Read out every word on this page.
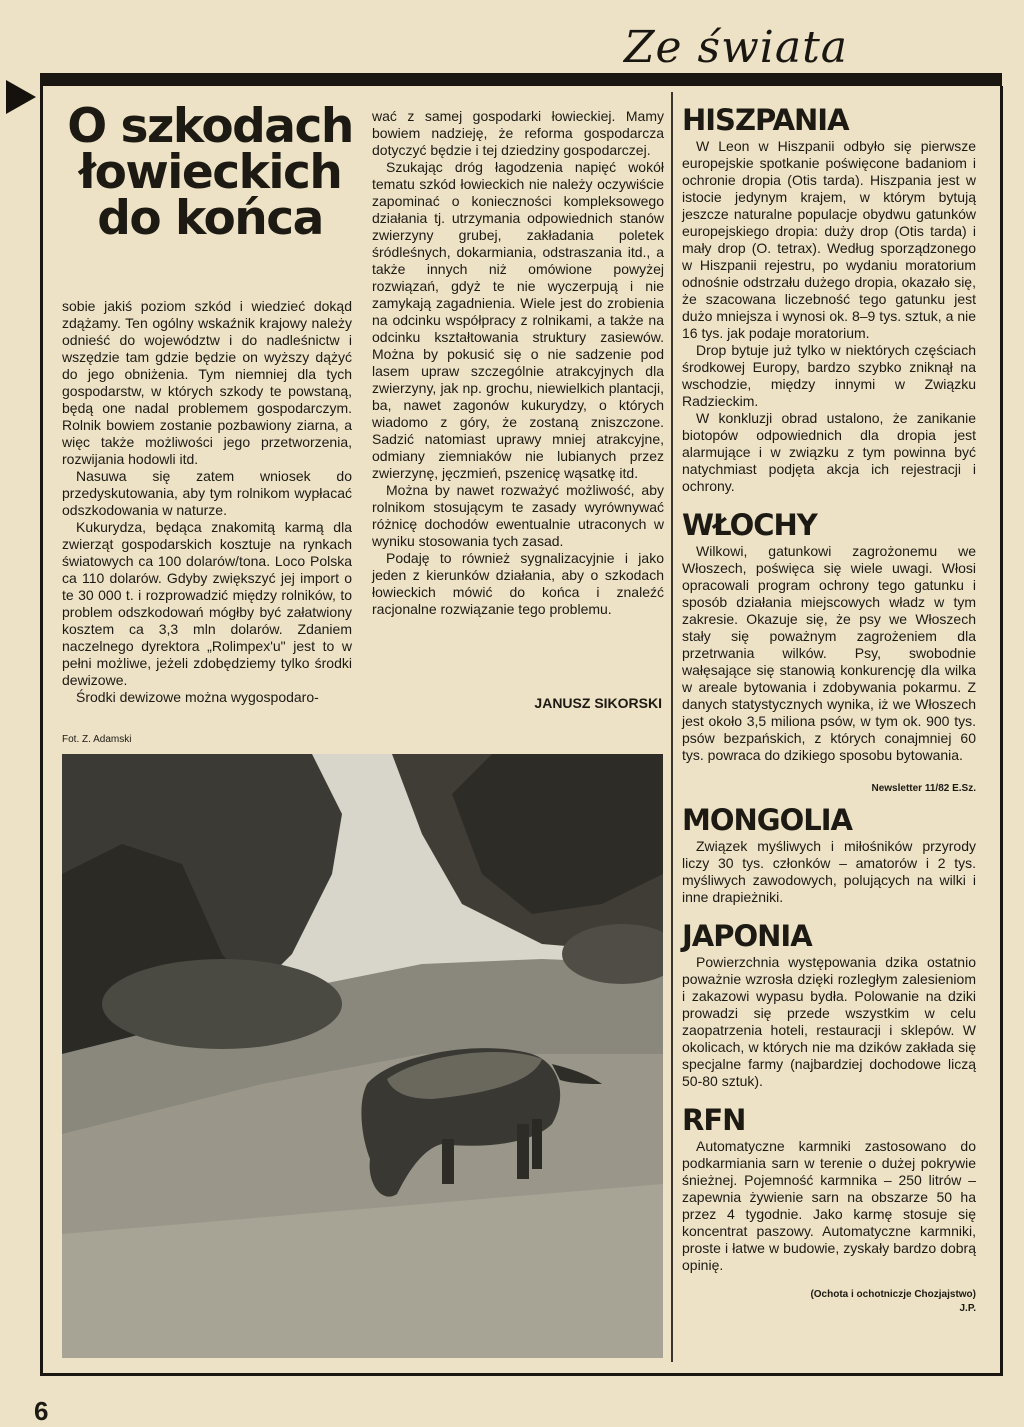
Ze świata
O szkodach
łowieckich
do końca
sobie jakiś poziom szkód i wiedzieć dokąd zdążamy. Ten ogólny wskaźnik krajowy należy odnieść do województw i do nadleśnictw i wszędzie tam gdzie będzie on wyższy dążyć do jego obniżenia. Tym niemniej dla tych gospodarstw, w których szkody te powstaną, będą one nadal problemem gospodarczym. Rolnik bowiem zostanie pozbawiony ziarna, a więc także możliwości jego przetworzenia, rozwijania hodowli itd.

Nasuwa się zatem wniosek do przedyskutowania, aby tym rolnikom wypłacać odszkodowania w naturze.

Kukurydza, będąca znakomitą karmą dla zwierząt gospodarskich kosztuje na rynkach światowych ca 100 dolarów/tona. Loco Polska ca 110 dolarów. Gdyby zwiększyć jej import o te 30 000 t. i rozprowadzić między rolników, to problem odszkodowań mógłby być załatwiony kosztem ca 3,3 mln dolarów. Zdaniem naczelnego dyrektora „Rolimpex'u" jest to w pełni możliwe, jeżeli zdobędziemy tylko środki dewizowe.

Środki dewizowe można wygospodaro-

wać z samej gospodarki łowieckiej. Mamy bowiem nadzieję, że reforma gospodarcza dotyczyć będzie i tej dziedziny gospodarczej.

Szukając dróg łagodzenia napięć wokół tematu szkód łowieckich nie należy oczywiście zapominać o konieczności kompleksowego działania tj. utrzymania odpowiednich stanów zwierzyny grubej, zakładania poletek śródleśnych, dokarmiania, odstraszania itd., a także innych niż omówione powyżej rozwiązań, gdyż te nie wyczerpują i nie zamykają zagadnienia. Wiele jest do zrobienia na odcinku współpracy z rolnikami, a także na odcinku kształtowania struktury zasiewów. Można by pokusić się o nie sadzenie pod lasem upraw szczególnie atrakcyjnych dla zwierzyny, jak np. grochu, niewielkich plantacji, ba, nawet zagonów kukurydzy, o których wiadomo z góry, że zostaną zniszczone. Sadzić natomiast uprawy mniej atrakcyjne, odmiany ziemniaków nie lubianych przez zwierzynę, jęczmień, pszenicę wąsatkę itd.

Można by nawet rozważyć możliwość, aby rolnikom stosującym te zasady wyrównywać różnicę dochodów ewentualnie utraconych w wyniku stosowania tych zasad.

Podaję to również sygnalizacyjnie i jako jeden z kierunków działania, aby o szkodach łowieckich mówić do końca i znaleźć racjonalne rozwiązanie tego problemu.

JANUSZ SIKORSKI
Fot. Z. Adamski
HISZPANIA

W Leon w Hiszpanii odbyło się pierwsze europejskie spotkanie poświęcone badaniom i ochronie dropia (Otis tarda). Hiszpania jest w istocie jedynym krajem, w którym bytują jeszcze naturalne populacje obydwu gatunków europejskiego dropia: duży drop (Otis tarda) i mały drop (O. tetrax). Według sporządzonego w Hiszpanii rejestru, po wydaniu moratorium odnośnie odstrzału dużego dropia, okazało się, że szacowana liczebność tego gatunku jest dużo mniejsza i wynosi ok. 8–9 tys. sztuk, a nie 16 tys. jak podaje moratorium.

Drop bytuje już tylko w niektórych częściach środkowej Europy, bardzo szybko zniknął na wschodzie, między innymi w Związku Radzieckim.

W konkluzji obrad ustalono, że zanikanie biotopów odpowiednich dla dropia jest alarmujące i w związku z tym powinna być natychmiast podjęta akcja ich rejestracji i ochrony.

WŁOCHY

Wilkowi, gatunkowi zagrożonemu we Włoszech, poświęca się wiele uwagi. Włosi opracowali program ochrony tego gatunku i sposób działania miejscowych władz w tym zakresie. Okazuje się, że psy we Włoszech stały się poważnym zagrożeniem dla przetrwania wilków. Psy, swobodnie wałęsające się stanowią konkurencję dla wilka w areale bytowania i zdobywania pokarmu. Z danych statystycznych wynika, iż we Włoszech jest około 3,5 miliona psów, w tym ok. 900 tys. psów bezpańskich, z których conajmniej 60 tys. powraca do dzikiego sposobu bytowania.

Newsletter 11/82 E.Sz.
MONGOLIA

Związek myśliwych i miłośników przyrody liczy 30 tys. członków – amatorów i 2 tys. myśliwych zawodowych, polujących na wilki i inne drapieżniki.

JAPONIA

Powierzchnia występowania dzika ostatnio poważnie wzrosła dzięki rozległym zalesieniom i zakazowi wypasu bydła. Polowanie na dziki prowadzi się przede wszystkim w celu zaopatrzenia hoteli, restauracji i sklepów. W okolicach, w których nie ma dzików zakłada się specjalne farmy (najbardziej dochodowe liczą 50-80 sztuk).

RFN

Automatyczne karmniki zastosowano do podkarmiania sarn w terenie o dużej pokrywie śnieżnej. Pojemność karmnika – 250 litrów – zapewnia żywienie sarn na obszarze 50 ha przez 4 tygodnie. Jako karmę stosuje się koncentrat paszowy. Automatyczne karmniki, proste i łatwe w budowie, zyskały bardzo dobrą opinię.

(Ochota i ochotniczje Chozjajstwo)
J.P.
6
